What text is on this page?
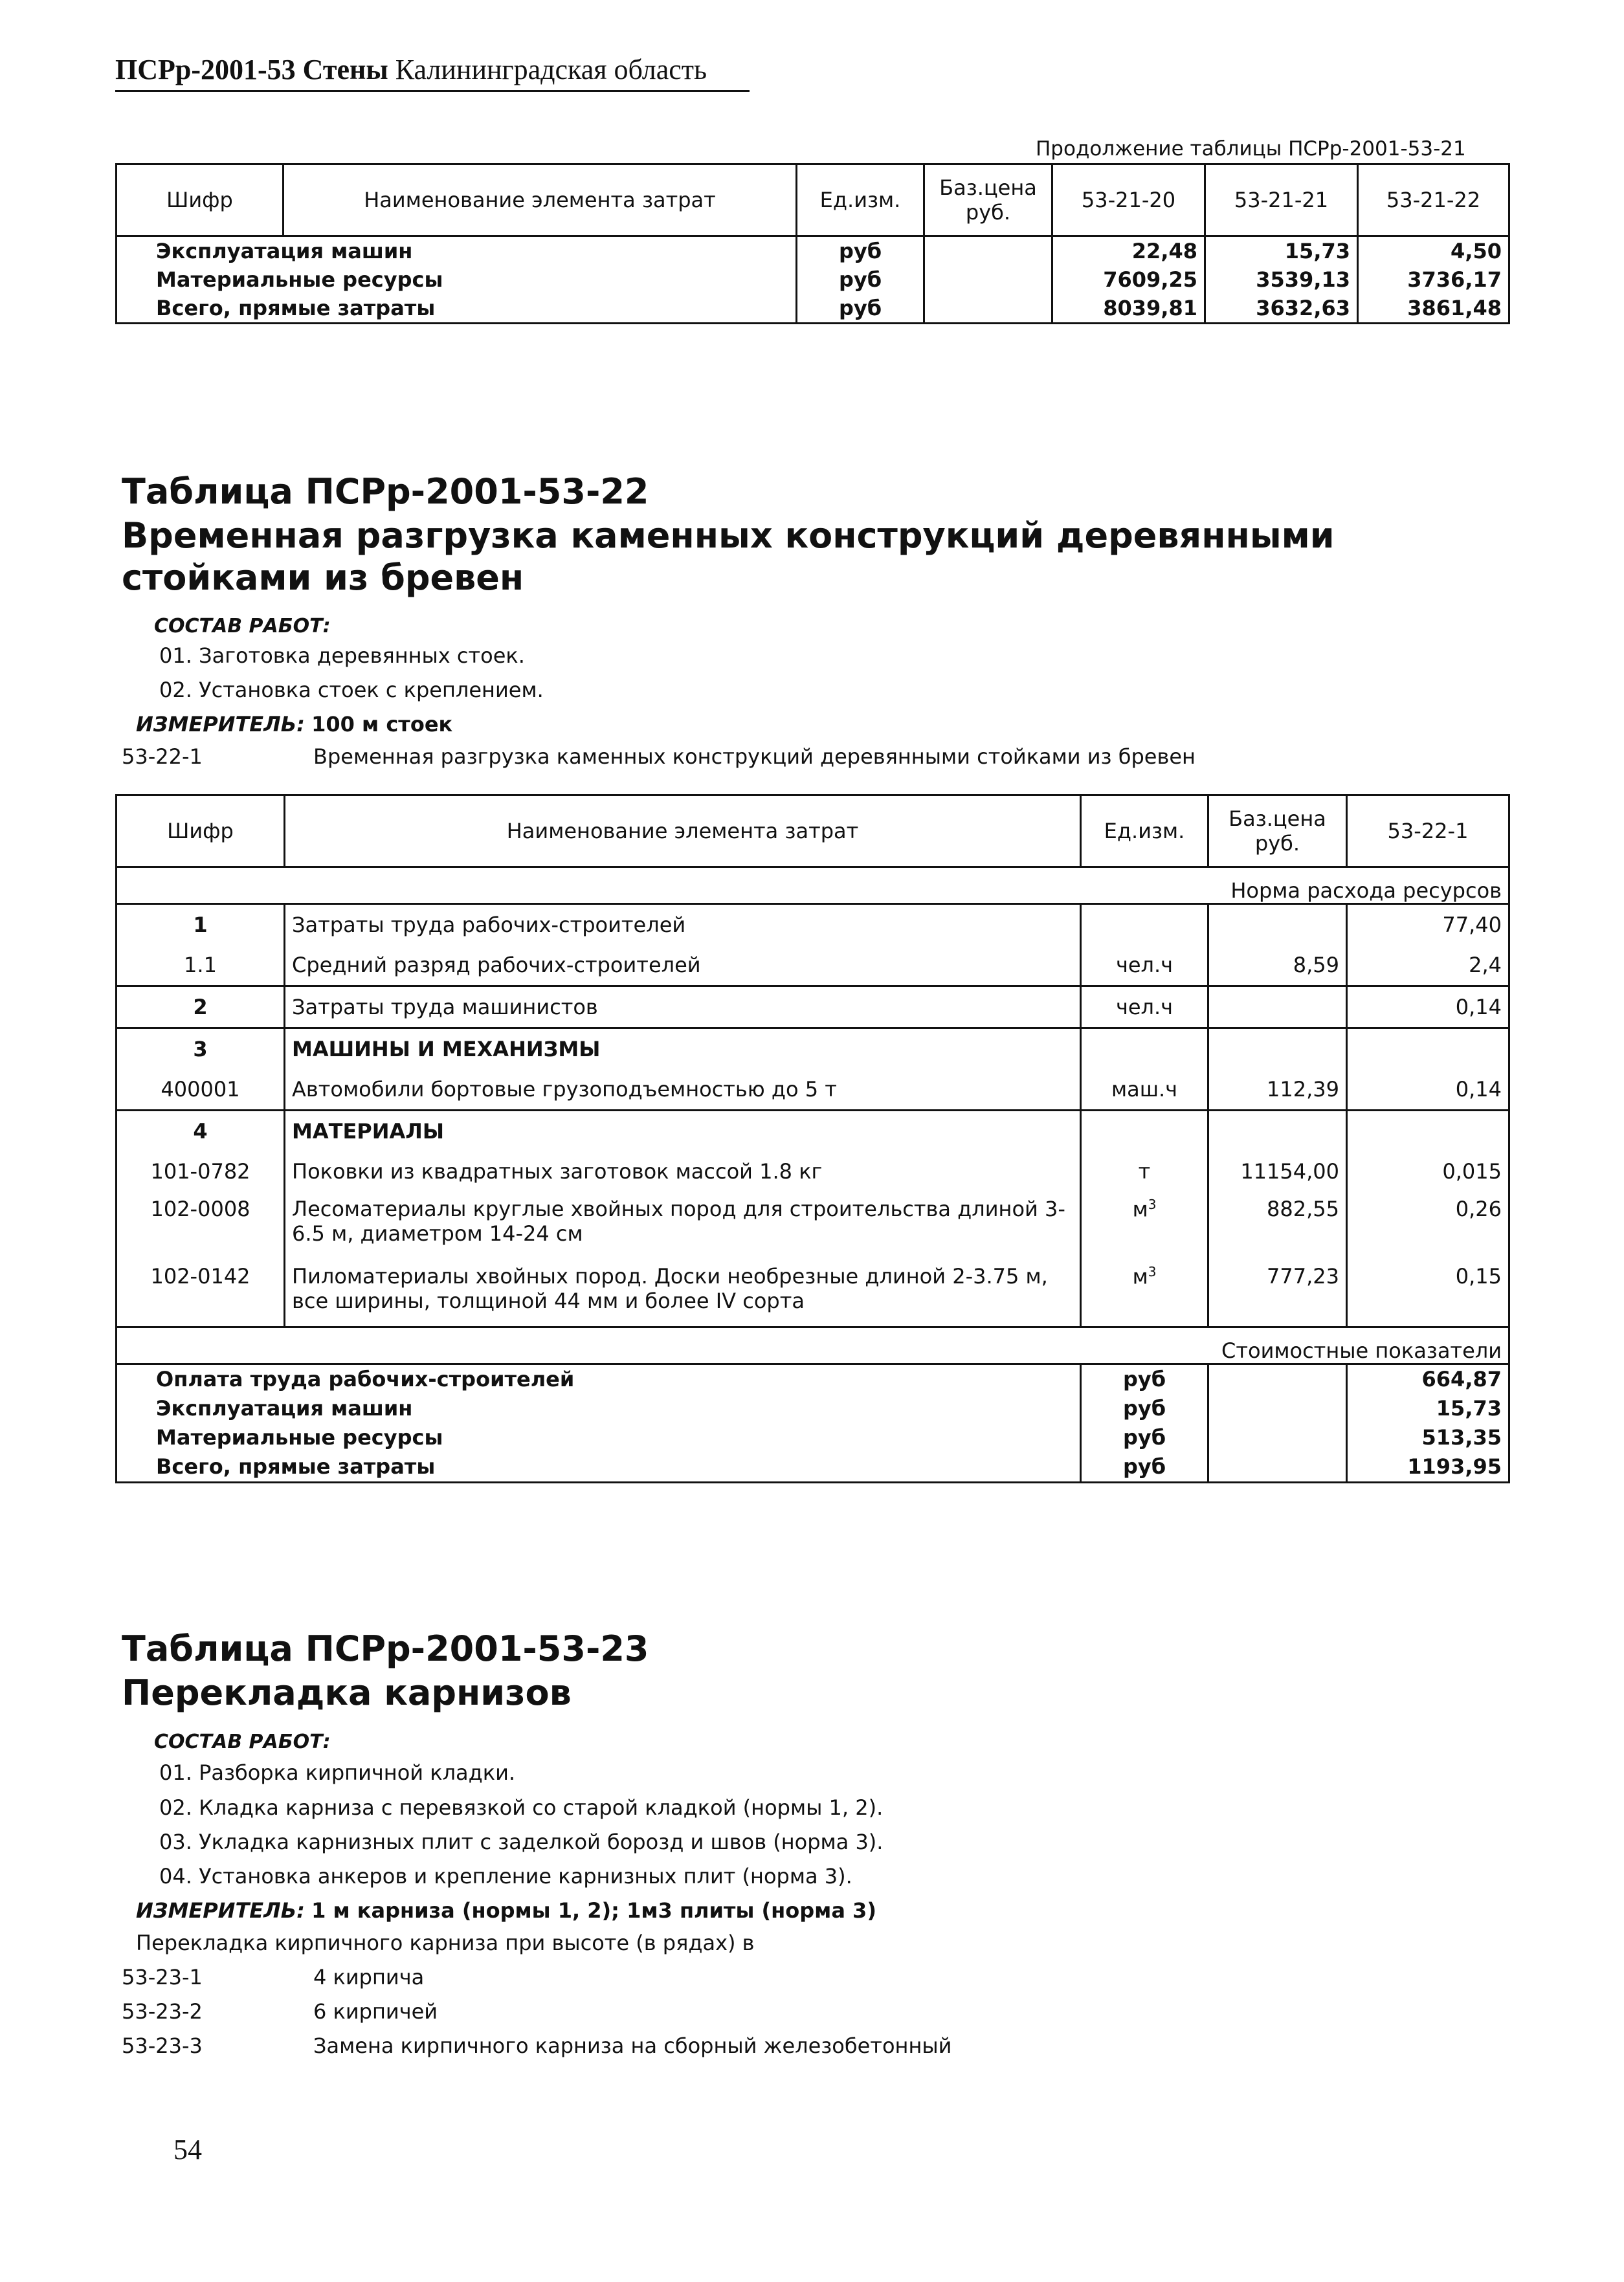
ПСРр-2001-53 Стены Калининградская область
Продолжение таблицы ПСРр-2001-53-21
Шифр	Наименование элемента затрат	Ед.изм.	Баз.цена руб.	53-21-20	53-21-21	53-21-22
Эксплуатация машин		руб		22,48	15,73	4,50
Материальные ресурсы		руб		7609,25	3539,13	3736,17
Всего, прямые затраты		руб		8039,81	3632,63	3861,48
Таблица ПСРр-2001-53-22
Временная разгрузка каменных конструкций деревянными стойками из бревен
СОСТАВ РАБОТ:
01. Заготовка деревянных стоек.
02. Установка стоек с креплением.
ИЗМЕРИТЕЛЬ: 100 м стоек
53-22-1	Временная разгрузка каменных конструкций деревянными стойками из бревен
Шифр	Наименование элемента затрат	Ед.изм.	Баз.цена руб.	53-22-1
Норма расхода ресурсов				
1	Затраты труда рабочих-строителей			77,40
1.1	Средний разряд рабочих-строителей	чел.ч	8,59	2,4
2	Затраты труда машинистов	чел.ч		0,14
3	МАШИНЫ И МЕХАНИЗМЫ			
400001	Автомобили бортовые грузоподъемностью до 5 т	маш.ч	112,39	0,14
4	МАТЕРИАЛЫ			
101-0782	Поковки из квадратных заготовок массой 1.8 кг	т	11154,00	0,015
102-0008	Лесоматериалы круглые хвойных пород для строительства длиной 3-6.5 м, диаметром 14-24 см	$м^3$	882,55	0,26
102-0142	Пиломатериалы хвойных пород. Доски необрезные длиной 2-3.75 м, все ширины, толщиной 44 мм и более IV сорта	$м^3$	777,23	0,15
Стоимостные показатели				
Оплата труда рабочих-строителей		руб		664,87
Эксплуатация машин		руб		15,73
Материальные ресурсы		руб		513,35
Всего, прямые затраты		руб		1193,95
Таблица ПСРр-2001-53-23
Перекладка карнизов
СОСТАВ РАБОТ:
01. Разборка кирпичной кладки.
02. Кладка карниза с перевязкой со старой кладкой (нормы 1, 2).
03. Укладка карнизных плит с заделкой борозд и швов (норма 3).
04. Установка анкеров и крепление карнизных плит (норма 3).
ИЗМЕРИТЕЛЬ: 1 м карниза (нормы 1, 2); 1м3 плиты (норма 3)
Перекладка кирпичного карниза при высоте (в рядах) в
53-23-1	4 кирпича
53-23-2	6 кирпичей
53-23-3	Замена кирпичного карниза на сборный железобетонный
54
